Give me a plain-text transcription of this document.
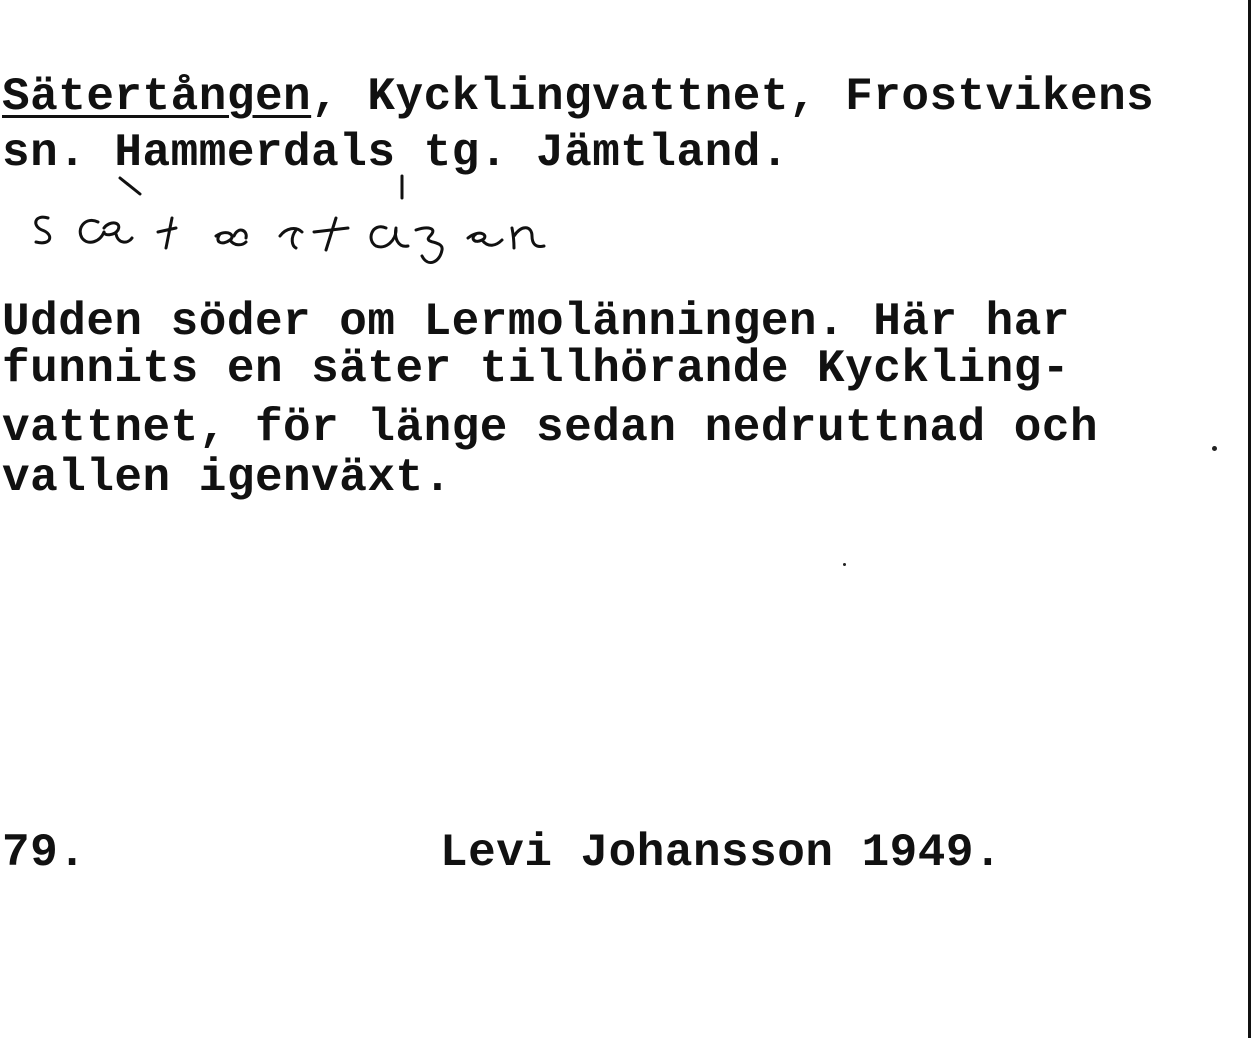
Sätertången, Kycklingvattnet, Frostvikens
sn. Hammerdals tg. Jämtland.
Udden söder om Lermolänningen. Här har
funnits en säter tillhörande Kyckling-
vattnet, för länge sedan nedruttnad och
vallen igenväxt.
79.	Levi Johansson 1949.
